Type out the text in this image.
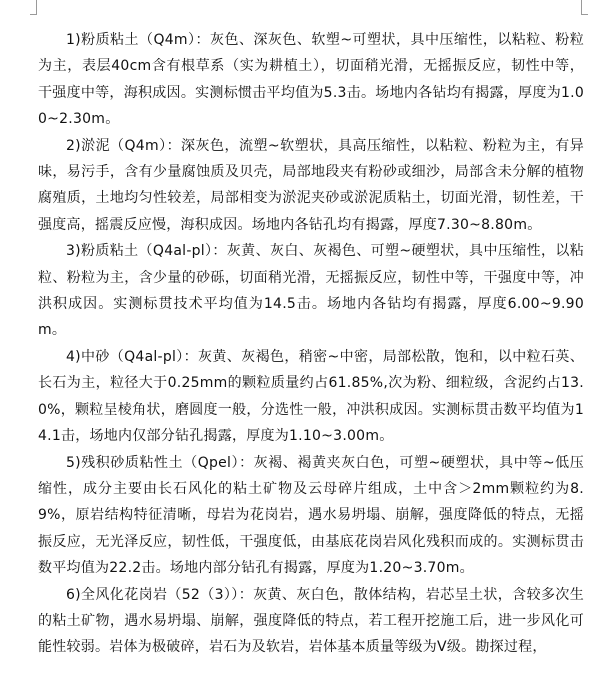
1)粉质粘土（Q4m）：灰色、深灰色、软塑~可塑状，具中压缩性，以粘粒、粉粒为主，表层40cm含有根草系（实为耕植土），切面稍光滑，无摇振反应，韧性中等，干强度中等，海积成因。实测标惯击平均值为5.3击。场地内各钻均有揭露，厚度为1.00~2.30m。

2)淤泥（Q4m）：深灰色，流塑~软塑状，具高压缩性，以粘粒、粉粒为主，有异味，易污手，含有少量腐蚀质及贝壳，局部地段夹有粉砂或细沙，局部含未分解的植物腐殖质，土地均匀性较差，局部相变为淤泥夹砂或淤泥质粘土，切面光滑，韧性差，干强度高，摇震反应慢，海积成因。场地内各钻孔均有揭露，厚度7.30~8.80m。

3)粉质粘土（Q4al-pl）：灰黄、灰白、灰褐色、可塑~硬塑状，具中压缩性，以粘粒、粉粒为主，含少量的砂砾，切面稍光滑，无摇振反应，韧性中等，干强度中等，冲洪积成因。实测标贯技术平均值为14.5击。场地内各钻均有揭露，厚度6.00~9.90m。

4)中砂（Q4al-pl）：灰黄、灰褐色，稍密~中密，局部松散，饱和，以中粒石英、长石为主，粒径大于0.25mm的颗粒质量约占61.85%,次为粉、细粒级，含泥约占13.0%，颗粒呈棱角状，磨圆度一般，分选性一般，冲洪积成因。实测标贯击数平均值为14.1击，场地内仅部分钻孔揭露，厚度为1.10~3.00m。

5)残积砂质粘性土（Qpel）：灰褐、褐黄夹灰白色，可塑~硬塑状，具中等~低压缩性，成分主要由长石风化的粘土矿物及云母碎片组成，土中含＞2mm颗粒约为8.9%，原岩结构特征清晰，母岩为花岗岩，遇水易坍塌、崩解，强度降低的特点，无摇振反应，无光泽反应，韧性低，干强度低，由基底花岗岩风化残积而成的。实测标贯击数平均值为22.2击。场地内部分钻孔有揭露，厚度为1.20~3.70m。

6)全风化花岗岩（52（3））：灰黄、灰白色，散体结构，岩芯呈土状，含较多次生的粘土矿物，遇水易坍塌、崩解，强度降低的特点，若工程开挖施工后，进一步风化可能性较弱。岩体为极破碎，岩石为及软岩，岩体基本质量等级为V级。勘探过程，
